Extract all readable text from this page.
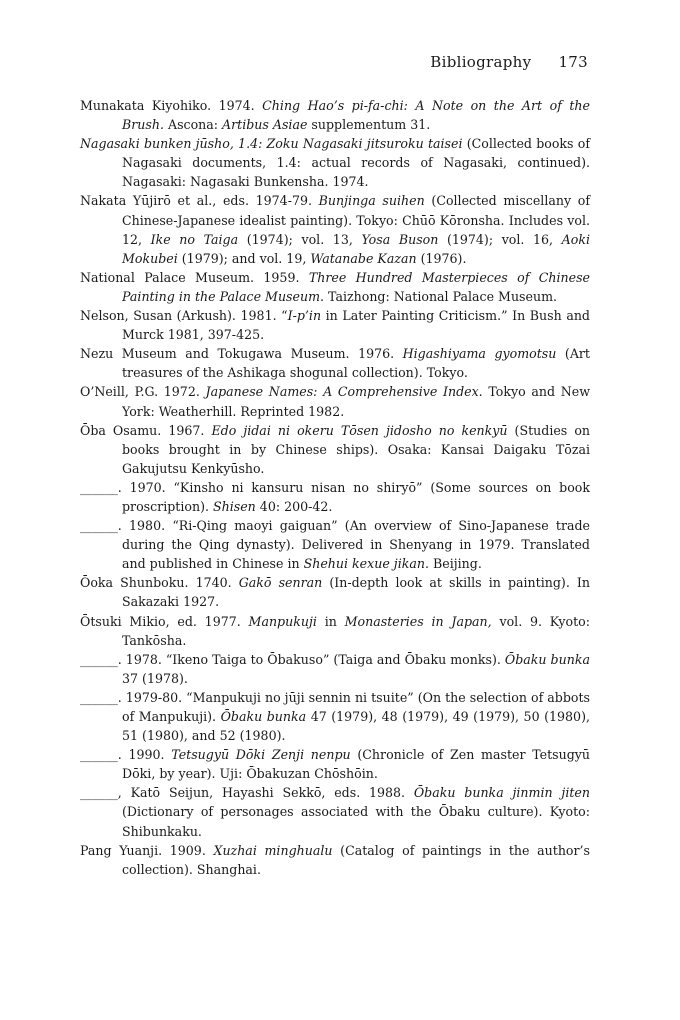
Bibliography 173

Munakata Kiyohiko. 1974. Ching Hao’s pi-fa-chi: A Note on the Art of the Brush. Ascona: Artibus Asiae supplementum 31.

Nagasaki bunken jūsho, 1.4: Zoku Nagasaki jitsuroku taisei (Collected books of Nagasaki documents, 1.4: actual records of Nagasaki, continued). Nagasaki: Nagasaki Bunkensha. 1974.

Nakata Yūjirō et al., eds. 1974-79. Bunjinga suihen (Collected miscellany of Chinese-Japanese idealist painting). Tokyo: Chūō Kōronsha. Includes vol. 12, Ike no Taiga (1974); vol. 13, Yosa Buson (1974); vol. 16, Aoki Mokubei (1979); and vol. 19, Watanabe Kazan (1976).

National Palace Museum. 1959. Three Hundred Masterpieces of Chinese Painting in the Palace Museum. Taizhong: National Palace Museum.

Nelson, Susan (Arkush). 1981. “I-p’in in Later Painting Criticism.” In Bush and Murck 1981, 397-425.

Nezu Museum and Tokugawa Museum. 1976. Higashiyama gyomotsu (Art treasures of the Ashikaga shogunal collection). Tokyo.

O’Neill, P.G. 1972. Japanese Names: A Comprehensive Index. Tokyo and New York: Weatherhill. Reprinted 1982.

Ōba Osamu. 1967. Edo jidai ni okeru Tōsen jidosho no kenkyū (Studies on books brought in by Chinese ships). Osaka: Kansai Daigaku Tōzai Gakujutsu Kenkyūsho.

______. 1970. “Kinsho ni kansuru nisan no shiryō” (Some sources on book proscription). Shisen 40: 200-42.

______. 1980. “Ri-Qing maoyi gaiguan” (An overview of Sino-Japanese trade during the Qing dynasty). Delivered in Shenyang in 1979. Translated and published in Chinese in Shehui kexue jikan. Beijing.

Ōoka Shunboku. 1740. Gakō senran (In-depth look at skills in painting). In Sakazaki 1927.

Ōtsuki Mikio, ed. 1977. Manpukuji in Monasteries in Japan, vol. 9. Kyoto: Tankōsha.

______. 1978. “Ikeno Taiga to Ōbakuso” (Taiga and Ōbaku monks). Ōbaku bunka 37 (1978).

______. 1979-80. “Manpukuji no jūji sennin ni tsuite” (On the selection of abbots of Manpukuji). Ōbaku bunka 47 (1979), 48 (1979), 49 (1979), 50 (1980), 51 (1980), and 52 (1980).

______. 1990. Tetsugyū Dōki Zenji nenpu (Chronicle of Zen master Tetsugyū Dōki, by year). Uji: Ōbakuzan Chōshōin.

______, Katō Seijun, Hayashi Sekkō, eds. 1988. Ōbaku bunka jinmin jiten (Dictionary of personages associated with the Ōbaku culture). Kyoto: Shibunkaku.

Pang Yuanji. 1909. Xuzhai minghualu (Catalog of paintings in the author’s collection). Shanghai.
